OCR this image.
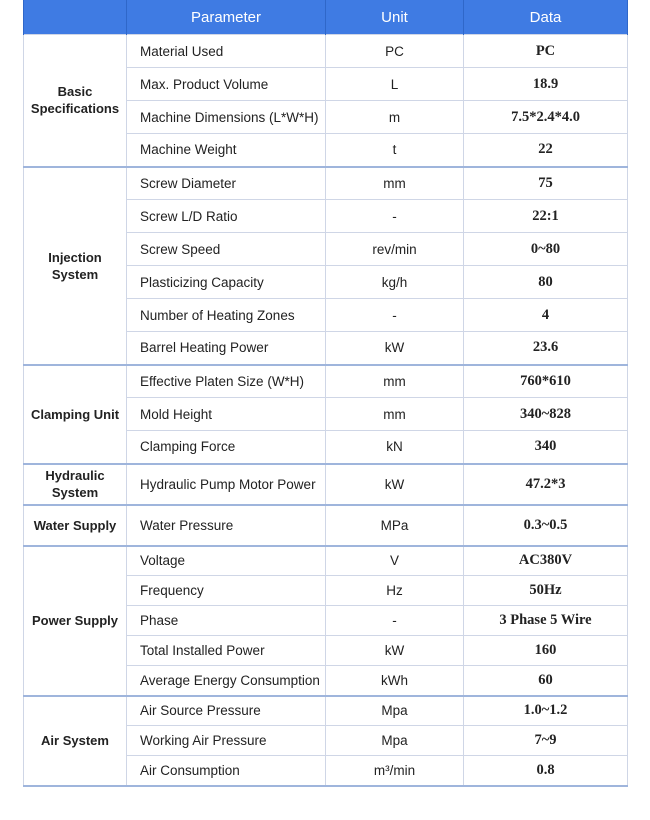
	Parameter	Unit	Data
Basic Specifications	Material Used	PC	PC
	Max. Product Volume	L	18.9
	Machine Dimensions (L*W*H)	m	7.5*2.4*4.0
	Machine Weight	t	22
Injection System	Screw Diameter	mm	75
	Screw L/D Ratio	-	22:1
	Screw Speed	rev/min	0~80
	Plasticizing Capacity	kg/h	80
	Number of Heating Zones	-	4
	Barrel Heating Power	kW	23.6
Clamping Unit	Effective Platen Size (W*H)	mm	760*610
	Mold Height	mm	340~828
	Clamping Force	kN	340
Hydraulic System	Hydraulic Pump Motor Power	kW	47.2*3
Water Supply	Water Pressure	MPa	0.3~0.5
Power Supply	Voltage	V	AC380V
	Frequency	Hz	50Hz
	Phase	-	3 Phase 5 Wire
	Total Installed Power	kW	160
	Average Energy Consumption	kWh	60
Air System	Air Source Pressure	Mpa	1.0~1.2
	Working Air Pressure	Mpa	7~9
	Air Consumption	m³/min	0.8
